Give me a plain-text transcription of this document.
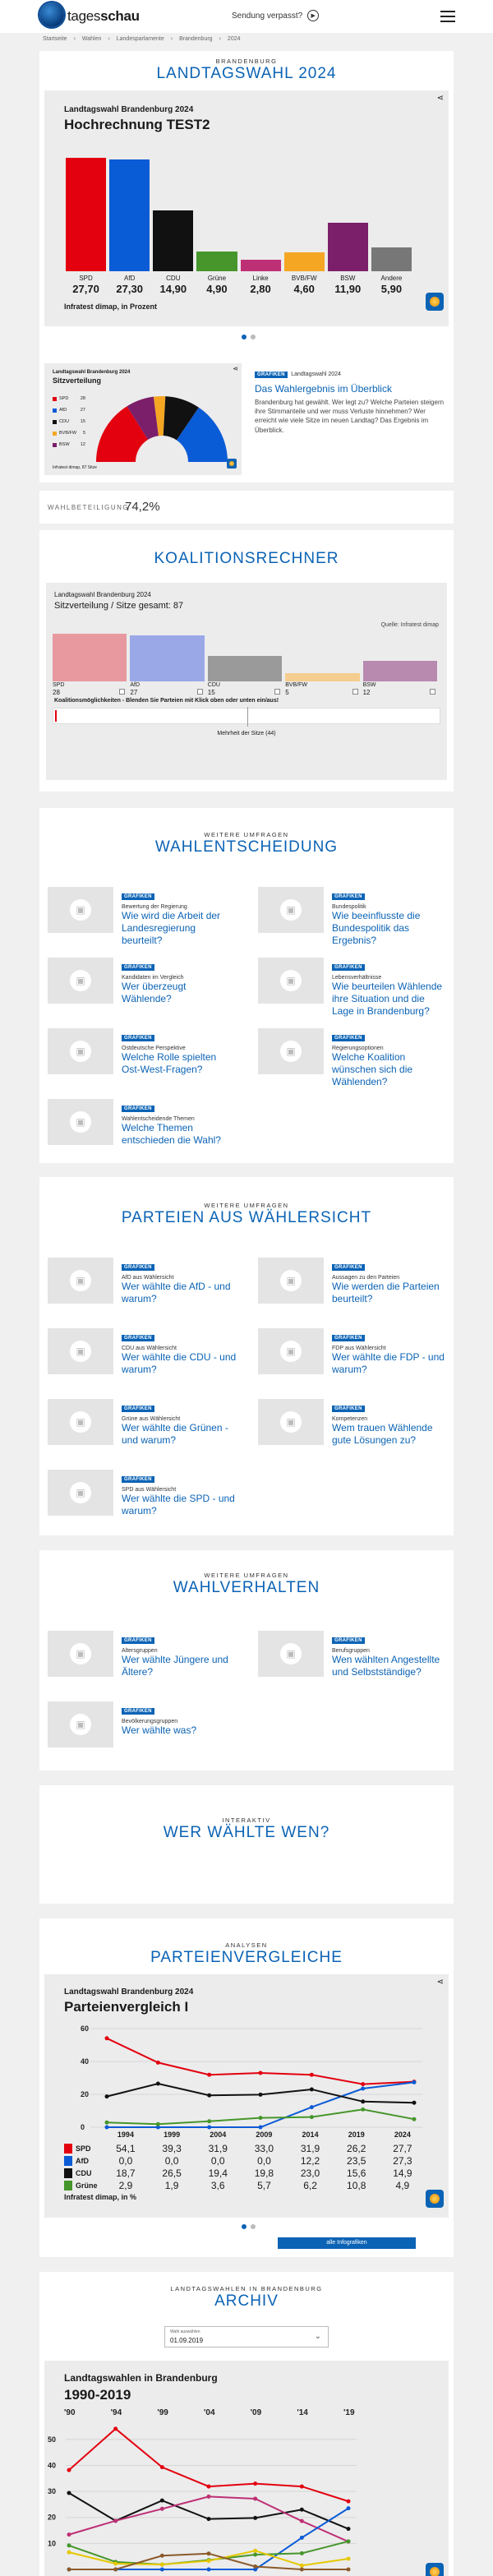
tagesschau	Sendung verpasst?	▶
Startseite › Wahlen › Landesparlamente › Brandenburg › 2024
BRANDENBURG
LANDTAGSWAHL 2024
Landtagswahl Brandenburg 2024
Hochrechnung TEST2
⋖
SPD
27,70
AfD
27,30
CDU
14,90
Grüne
4,90
Linke
2,80
BVB/FW
4,60
BSW
11,90
Andere
5,90
Infratest dimap, in Prozent
Landtagswahl Brandenburg 2024
Sitzverteilung
⋖
SPD	28
AfD	27
CDU	15
BVB/FW 5
BSW 12
Infratest dimap, 87 Sitze
GRAFIKEN Landtagswahl 2024
Das Wahlergebnis im Überblick
Brandenburg hat gewählt. Wer legt zu? Welche Parteien steigern ihre Stimmanteile und wer muss Verluste hinnehmen? Wer erreicht wie viele Sitze im neuen Landtag? Das Ergebnis im Überblick.
WAHLBETEILIGUNG
74,2%
KOALITIONSRECHNER
Landtagswahl Brandenburg 2024
Sitzverteilung / Sitze gesamt: 87
Quelle: Infratest dimap
SPD
28
AfD
27
CDU
15
BVB/FW
5
BSW
12
Koalitionsmöglichkeiten - Blenden Sie Parteien mit Klick oben oder unten ein/aus!
Mehrheit der Sitze (44)
WEITERE UMFRAGEN
WAHLENTSCHEIDUNG
▣
GRAFIKEN
Bewertung der Regierung
Wie wird die Arbeit der Landesregierung beurteilt?
▣
GRAFIKEN
Bundespolitik
Wie beeinflusste die Bundespolitik das Ergebnis?
▣
GRAFIKEN
Kandidaten im Vergleich
Wer überzeugt Wählende?
▣
GRAFIKEN
Lebensverhältnisse
Wie beurteilen Wählende ihre Situation und die Lage in Brandenburg?
▣
GRAFIKEN
Ostdeutsche Perspektive
Welche Rolle spielten Ost-West-Fragen?
▣
GRAFIKEN
Regierungsoptionen
Welche Koalition wünschen sich die Wählenden?
▣
GRAFIKEN
Wahlentscheidende Themen
Welche Themen entschieden die Wahl?
WEITERE UMFRAGEN
PARTEIEN AUS WÄHLERSICHT
▣
GRAFIKEN
AfD aus Wählersicht
Wer wählte die AfD - und warum?
▣
GRAFIKEN
Aussagen zu den Parteien
Wie werden die Parteien beurteilt?
▣
GRAFIKEN
CDU aus Wählersicht
Wer wählte die CDU - und warum?
▣
GRAFIKEN
FDP aus Wählersicht
Wer wählte die FDP - und warum?
▣
GRAFIKEN
Grüne aus Wählersicht
Wer wählte die Grünen - und warum?
▣
GRAFIKEN
Kompetenzen
Wem trauen Wählende gute Lösungen zu?
▣
GRAFIKEN
SPD aus Wählersicht
Wer wählte die SPD - und warum?
WEITERE UMFRAGEN
WAHLVERHALTEN
▣
GRAFIKEN
Altersgruppen
Wer wählte Jüngere und Ältere?
▣
GRAFIKEN
Berufsgruppen
Wen wählten Angestellte und Selbstständige?
▣
GRAFIKEN
Bevölkerungsgruppen
Wer wählte was?
INTERAKTIV
WER WÄHLTE WEN?
ANALYSEN
PARTEIENVERGLEICHE
Landtagswahl Brandenburg 2024
Parteienvergleich I
⋖
60
40
20
0
1994	1999	2004	2009	2014	2019	2024
SPD	54,1	39,3	31,9	33,0	31,9	26,2	27,7
AfD	0,0	0,0	0,0	0,0	12,2	23,5	27,3
CDU	18,7	26,5	19,4	19,8	23,0	15,6	14,9
Grüne	2,9	1,9	3,6	5,7	6,2	10,8	4,9
Infratest dimap, in %
alle Infografiken
LANDTAGSWAHLEN IN BRANDENBURG
ARCHIV
Wahl auswählen
01.09.2019	⌄
Landtagswahlen in Brandenburg
1990-2019
'90	'94	'99	'04	'09	'14	'19
50
40
30
20
10
